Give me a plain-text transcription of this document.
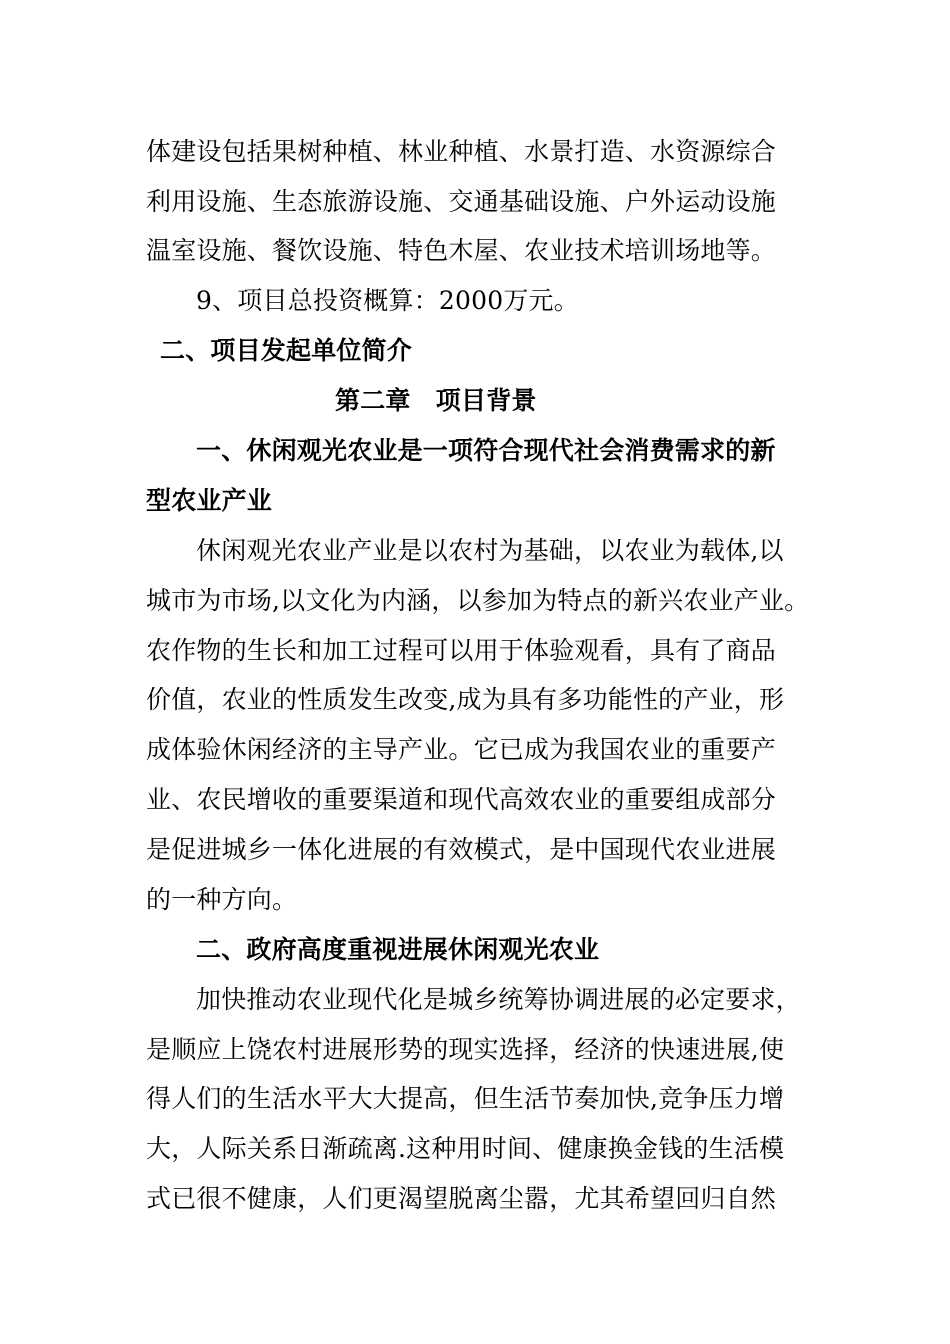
体建设包括果树种植、林业种植、水景打造、水资源综合
利用设施、生态旅游设施、交通基础设施、户外运动设施
温室设施、餐饮设施、特色木屋、农业技术培训场地等。
9、项目总投资概算：2000万元。
二、项目发起单位简介
第二章　项目背景
一、休闲观光农业是一项符合现代社会消费需求的新
型农业产业
休闲观光农业产业是以农村为基础，以农业为载体,以
城市为市场,以文化为内涵，以参加为特点的新兴农业产业。
农作物的生长和加工过程可以用于体验观看，具有了商品
价值，农业的性质发生改变,成为具有多功能性的产业，形
成体验休闲经济的主导产业。它已成为我国农业的重要产
业、农民增收的重要渠道和现代高效农业的重要组成部分
是促进城乡一体化进展的有效模式，是中国现代农业进展
的一种方向。
二、政府高度重视进展休闲观光农业
加快推动农业现代化是城乡统筹协调进展的必定要求，
是顺应上饶农村进展形势的现实选择，经济的快速进展,使
得人们的生活水平大大提高，但生活节奏加快,竞争压力增
大，人际关系日渐疏离.这种用时间、健康换金钱的生活模
式已很不健康，人们更渴望脱离尘嚣，尤其希望回归自然
